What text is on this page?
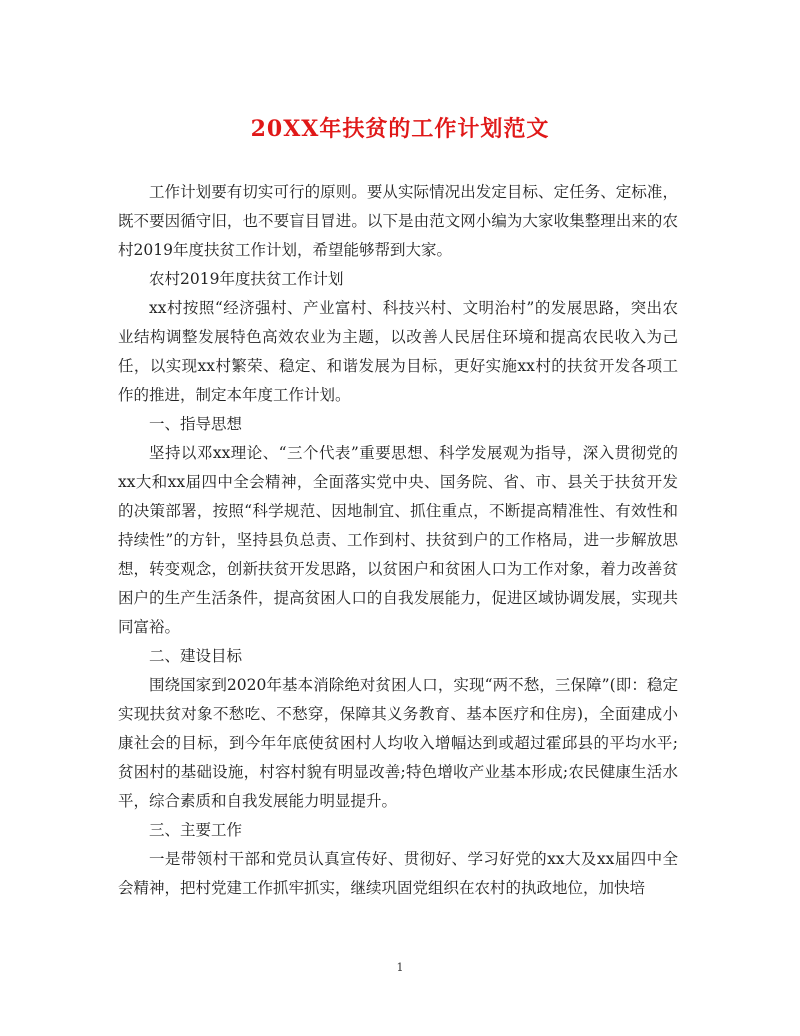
20XX年扶贫的工作计划范文

工作计划要有切实可行的原则。要从实际情况出发定目标、定任务、定标准，既不要因循守旧，也不要盲目冒进。以下是由范文网小编为大家收集整理出来的农村2019年度扶贫工作计划，希望能够帮到大家。

农村2019年度扶贫工作计划

xx村按照“经济强村、产业富村、科技兴村、文明治村”的发展思路，突出农业结构调整发展特色高效农业为主题，以改善人民居住环境和提高农民收入为己任，以实现xx村繁荣、稳定、和谐发展为目标，更好实施xx村的扶贫开发各项工作的推进，制定本年度工作计划。

一、指导思想

坚持以邓xx理论、“三个代表”重要思想、科学发展观为指导，深入贯彻党的xx大和xx届四中全会精神，全面落实党中央、国务院、省、市、县关于扶贫开发的决策部署，按照“科学规范、因地制宜、抓住重点，不断提高精准性、有效性和持续性”的方针，坚持县负总责、工作到村、扶贫到户的工作格局，进一步解放思想，转变观念，创新扶贫开发思路，以贫困户和贫困人口为工作对象，着力改善贫困户的生产生活条件，提高贫困人口的自我发展能力，促进区域协调发展，实现共同富裕。

二、建设目标

围绕国家到2020年基本消除绝对贫困人口，实现“两不愁，三保障”(即：稳定实现扶贫对象不愁吃、不愁穿，保障其义务教育、基本医疗和住房)，全面建成小康社会的目标，到今年年底使贫困村人均收入增幅达到或超过霍邱县的平均水平;贫困村的基础设施，村容村貌有明显改善;特色增收产业基本形成;农民健康生活水平，综合素质和自我发展能力明显提升。

三、主要工作

一是带领村干部和党员认真宣传好、贯彻好、学习好党的xx大及xx届四中全会精神，把村党建工作抓牢抓实，继续巩固党组织在农村的执政地位，加快培

1
